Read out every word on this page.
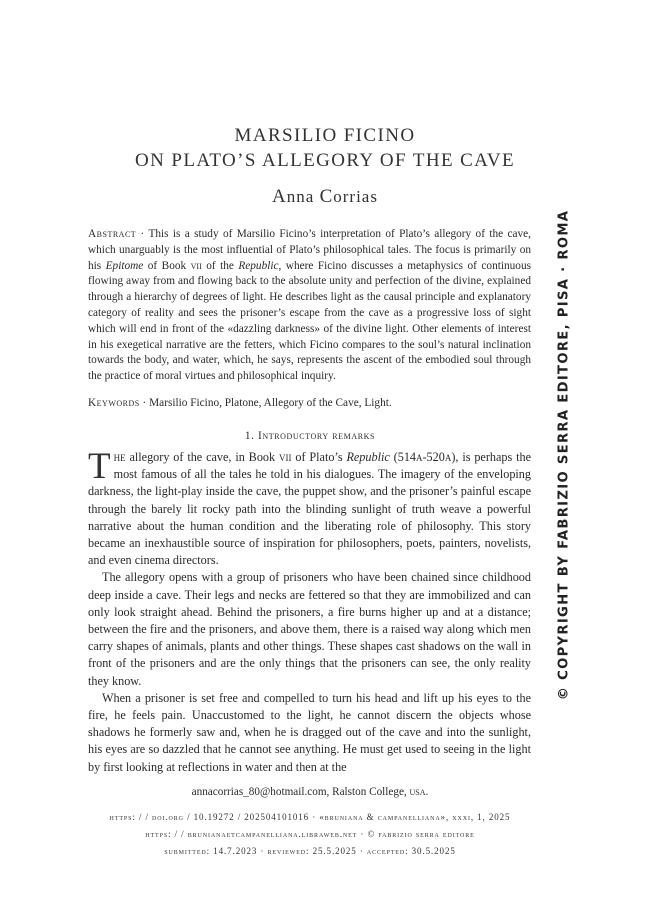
MARSILIO FICINO
ON PLATO’S ALLEGORY OF THE CAVE
Anna Corrias
Abstract · This is a study of Marsilio Ficino’s interpretation of Plato’s allegory of the cave, which unarguably is the most influential of Plato’s philosophical tales. The focus is primarily on his Epitome of Book vii of the Republic, where Ficino discusses a metaphysics of continuous flowing away from and flowing back to the absolute unity and perfection of the divine, explained through a hierarchy of degrees of light. He describes light as the causal principle and explanatory category of reality and sees the prisoner’s escape from the cave as a progressive loss of sight which will end in front of the «dazzling darkness» of the divine light. Other elements of interest in his exegetical narrative are the fetters, which Ficino compares to the soul’s natural inclination towards the body, and water, which, he says, represents the ascent of the embodied soul through the practice of moral virtues and philosophical inquiry.
Keywords · Marsilio Ficino, Platone, Allegory of the Cave, Light.
1. Introductory remarks

The allegory of the cave, in Book vii of Plato’s Republic (514a-520a), is perhaps the most famous of all the tales he told in his dialogues. The imagery of the enveloping darkness, the light-play inside the cave, the puppet show, and the prisoner’s painful escape through the barely lit rocky path into the blinding sunlight of truth weave a powerful narrative about the human condition and the liberating role of philosophy. This story became an inexhaustible source of inspiration for philosophers, poets, painters, novelists, and even cinema directors.

The allegory opens with a group of prisoners who have been chained since childhood deep inside a cave. Their legs and necks are fettered so that they are immobilized and can only look straight ahead. Behind the prisoners, a fire burns higher up and at a distance; between the fire and the prisoners, and above them, there is a raised way along which men carry shapes of animals, plants and other things. These shapes cast shadows on the wall in front of the prisoners and are the only things that the prisoners can see, the only reality they know.

When a prisoner is set free and compelled to turn his head and lift up his eyes to the fire, he feels pain. Unaccustomed to the light, he cannot discern the objects whose shadows he formerly saw and, when he is dragged out of the cave and into the sunlight, his eyes are so dazzled that he cannot see anything. He must get used to seeing in the light by first looking at reflections in water and then at the

annacorrias_80@hotmail.com, Ralston College, usa.
https: / / doi.org / 10.19272 / 202504101016 · «bruniana & campanelliana», xxxi, 1, 2025
https: / / brunianaetcampanelliana.libraweb.net · © fabrizio serra editore
submitted: 14.7.2023 · reviewed: 25.5.2025 · accepted: 30.5.2025
© COPYRIGHT BY FABRIZIO SERRA EDITORE, PISA · ROMA
